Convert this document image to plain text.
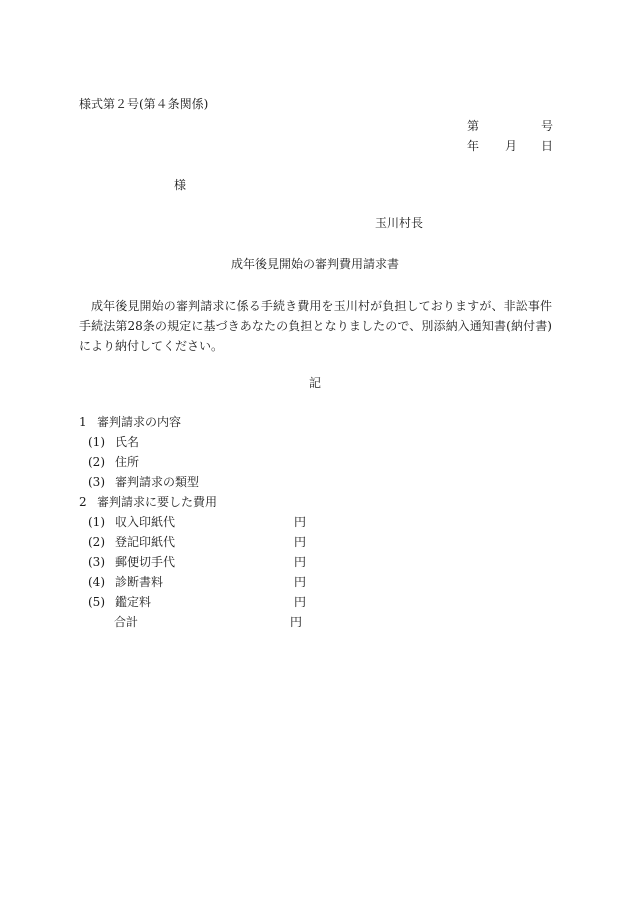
様式第２号(第４条関係)
第	号
年 月 日
様
玉川村長
成年後見開始の審判費用請求書
成年後見開始の審判請求に係る手続き費用を玉川村が負担しておりますが、非訟事件手続法第28条の規定に基づきあなたの負担となりましたので、別添納入通知書(納付書)により納付してください。
記
1 審判請求の内容
(1) 氏名
(2) 住所
(3) 審判請求の類型
2 審判請求に要した費用
(1) 収入印紙代	円
(2) 登記印紙代	円
(3) 郵便切手代	円
(4) 診断書料	円
(5) 鑑定料	円
合計	円
